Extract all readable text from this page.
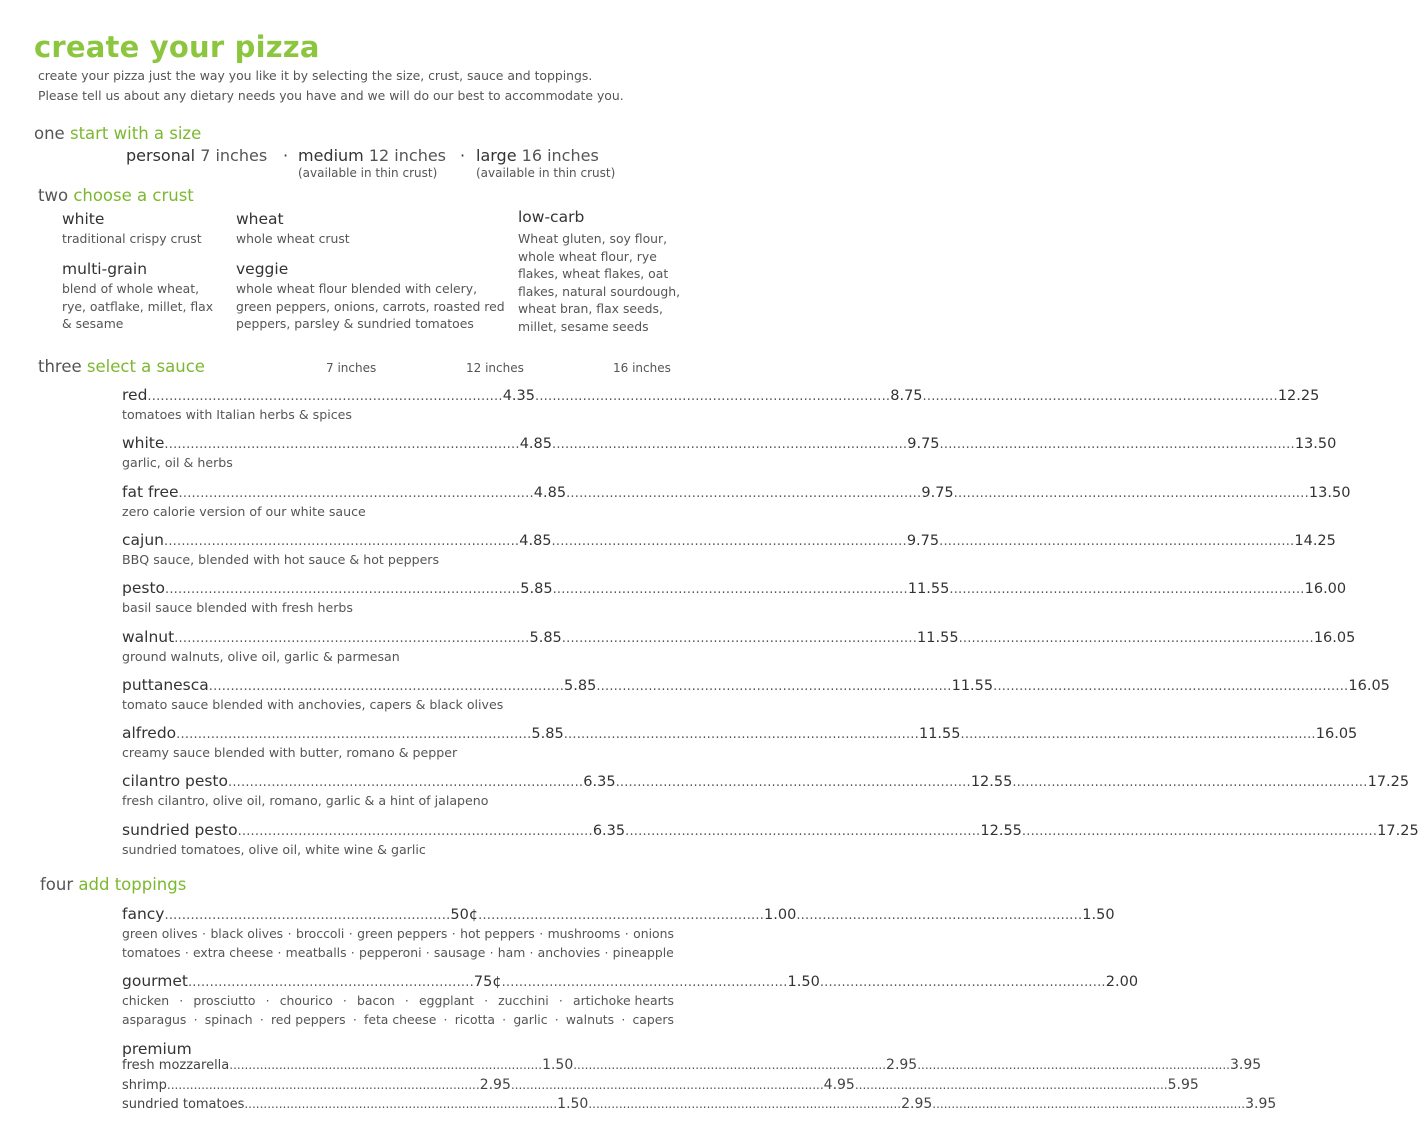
create your pizza
create your pizza just the way you like it by selecting the size, crust, sauce and toppings.
Please tell us about any dietary needs you have and we will do our best to accommodate you.
one start with a size
personal 7 inches · medium 12 inches
(available in thin crust)
· large 16 inches
(available in thin crust)
two choose a crust
white
traditional crispy crust
wheat
whole wheat crust
low-carb
Wheat gluten, soy flour, whole wheat flour, rye flakes, wheat flakes, oat flakes, natural sourdough, wheat bran, flax seeds, millet, sesame seeds
multi-grain
blend of whole wheat, rye, oatflake, millet, flax & sesame
veggie
whole wheat flour blended with celery, green peppers, onions, carrots, roasted red peppers, parsley & sundried tomatoes
three select a sauce	7 inches	12 inches	16 inches
red .................................................................................. 4.35 .................................................................................. 8.75 .................................................................................. 12.25
tomatoes with Italian herbs & spices
white .................................................................................. 4.85 .................................................................................. 9.75 .................................................................................. 13.50
garlic, oil & herbs
fat free .................................................................................. 4.85 .................................................................................. 9.75 .................................................................................. 13.50
zero calorie version of our white sauce
cajun .................................................................................. 4.85 .................................................................................. 9.75 .................................................................................. 14.25
BBQ sauce, blended with hot sauce & hot peppers
pesto .................................................................................. 5.85 .................................................................................. 11.55 .................................................................................. 16.00
basil sauce blended with fresh herbs
walnut .................................................................................. 5.85 .................................................................................. 11.55 .................................................................................. 16.05
ground walnuts, olive oil, garlic & parmesan
puttanesca .................................................................................. 5.85 .................................................................................. 11.55 .................................................................................. 16.05
tomato sauce blended with anchovies, capers & black olives
alfredo .................................................................................. 5.85 .................................................................................. 11.55 .................................................................................. 16.05
creamy sauce blended with butter, romano & pepper
cilantro pesto .................................................................................. 6.35 .................................................................................. 12.55 .................................................................................. 17.25
fresh cilantro, olive oil, romano, garlic & a hint of jalapeno
sundried pesto .................................................................................. 6.35 .................................................................................. 12.55 .................................................................................. 17.25
sundried tomatoes, olive oil, white wine & garlic
four add toppings
fancy .................................................................. 50¢ .................................................................. 1.00 .................................................................. 1.50
green olives · black olives · broccoli · green peppers · hot peppers · mushrooms · onions
tomatoes · extra cheese · meatballs · pepperoni · sausage · ham · anchovies · pineapple
gourmet .................................................................. 75¢ .................................................................. 1.50 .................................................................. 2.00
chicken · prosciutto · chourico · bacon · eggplant · zucchini · artichoke hearts
asparagus · spinach · red peppers · feta cheese · ricotta · garlic · walnuts · capers
premium
fresh mozzarella .................................................................................. 1.50 .................................................................................. 2.95 .................................................................................. 3.95
shrimp .................................................................................. 2.95 .................................................................................. 4.95 .................................................................................. 5.95
sundried tomatoes .................................................................................. 1.50 .................................................................................. 2.95 .................................................................................. 3.95
